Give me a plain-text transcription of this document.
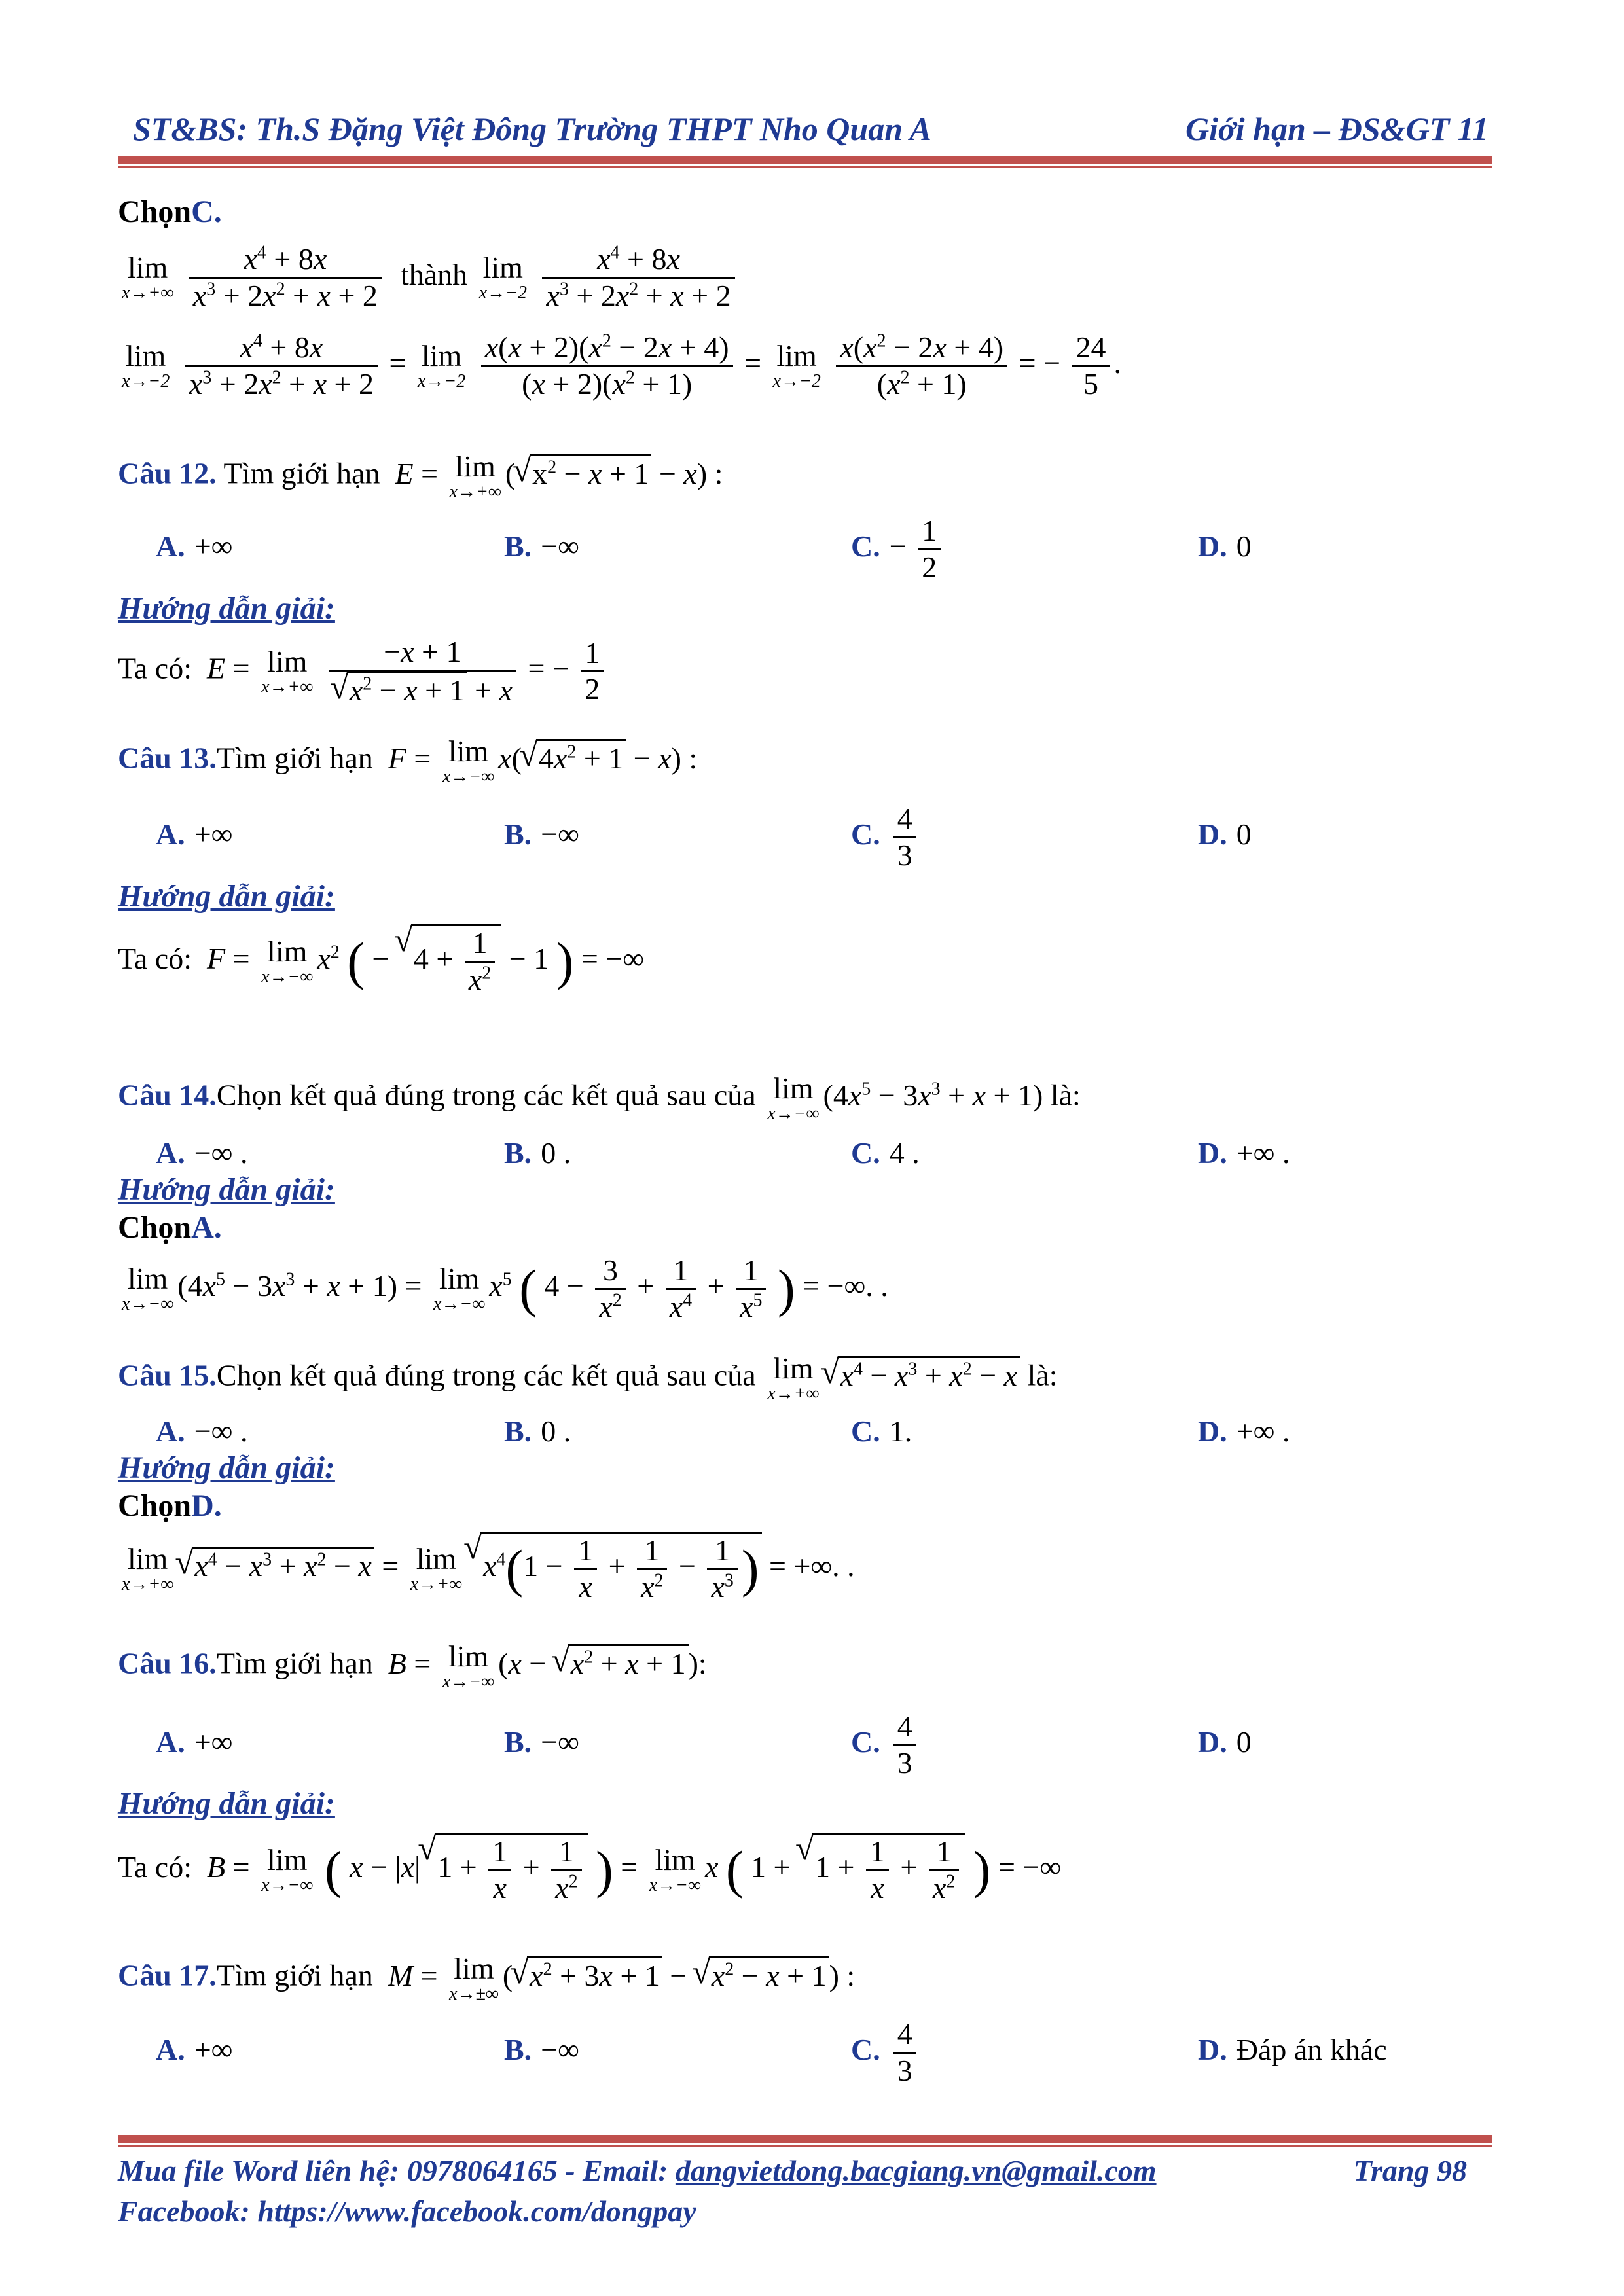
ST&BS: Th.S Đặng Việt Đông Trường THPT Nho Quan A	Giới hạn – ĐS&GT 11
ChọnC.
lim
x→+∞
$\frac{x^4 + 8x}{x^3 + 2x^2 + x + 2}$ thành lim
x→−2
$\frac{x^4 + 8x}{x^3 + 2x^2 + x + 2}$
lim
x→−2
$\frac{x^4 + 8x}{x^3 + 2x^2 + x + 2} = \lim$
x→−2
$\frac{x(x + 2)(x^2 - 2x + 4)}{(x + 2)(x^2 + 1)} = \lim$
x→−2
$\frac{x(x^2 - 2x + 4)}{(x^2 + 1)}$ = − $\frac{24}{5}$ .
Câu 12. Tìm giới hạn E = lim
x→+∞
( √ $x^2 - x + 1 - x$) :
A. +∞	B. −∞	C. − $\frac{1}{2}$	D. 0
Hướng dẫn giải:
Ta có: E = lim
x→+∞
−x + 1
√ $x^2 - x + 1 + x$ = − $\frac{1}{2}$
Câu 13.Tìm giới hạn F = lim
x→−∞
x( √ $4x^2 + 1 - x$) :
A. +∞	B. −∞	C. $\frac{4}{3}$	D. 0
Hướng dẫn giải:
Ta có: F = lim
x→−∞
$x^2$ ( − √ $4 + \frac{1}{x^2} - 1$ ) = −∞
Câu 14.Chọn kết quả đúng trong các kết quả sau của lim
x→−∞
$(4x^5 - 3x^3 + x + 1)$ là:
A. −∞ .	B. 0 .	C. 4 .	D. +∞ .
Hướng dẫn giải:
ChọnA.
lim
x→−∞
$(4x^5 - 3x^3 + x + 1) = \lim$
x→−∞
$x^5$ ( $4 - \frac{3}{x^2} + \frac{1}{x^4} + \frac{1}{x^5}$ ) = −∞. .
Câu 15.Chọn kết quả đúng trong các kết quả sau của lim
x→+∞
√ $x^4 - x^3 + x^2 - x$ là:
A. −∞ .	B. 0 .	C. 1.	D. +∞ .
Hướng dẫn giải:
ChọnD.
lim
x→+∞
√ $x^4 - x^3 + x^2 - x = \lim$
x→+∞
√ $x^4(1 - \frac{1}{x} + \frac{1}{x^2} - \frac{1}{x^3}$ ) = +∞. .
Câu 16.Tìm giới hạn B = lim
x→−∞
(x − √ $x^2 + x + 1$):
A. +∞	B. −∞	C. $\frac{4}{3}$	D. 0
Hướng dẫn giải:
Ta có: B = lim
x→−∞ ( x − |x| √ $1 + \frac{1}{x} + \frac{1}{x^2}$ ) = lim
x→−∞
x ( 1 + √ $1 + \frac{1}{x} + \frac{1}{x^2}$ ) = −∞
Câu 17.Tìm giới hạn M = lim
x→±∞
( √ $x^2 + 3x + 1$ − √ $x^2 - x + 1$) :
A. +∞	B. −∞	C. $\frac{4}{3}$	D. Đáp án khác
Mua file Word liên hệ: 0978064165 - Email: dangvietdong.bacgiang.vn@gmail.com	Trang 98
Facebook: https://www.facebook.com/dongpay
